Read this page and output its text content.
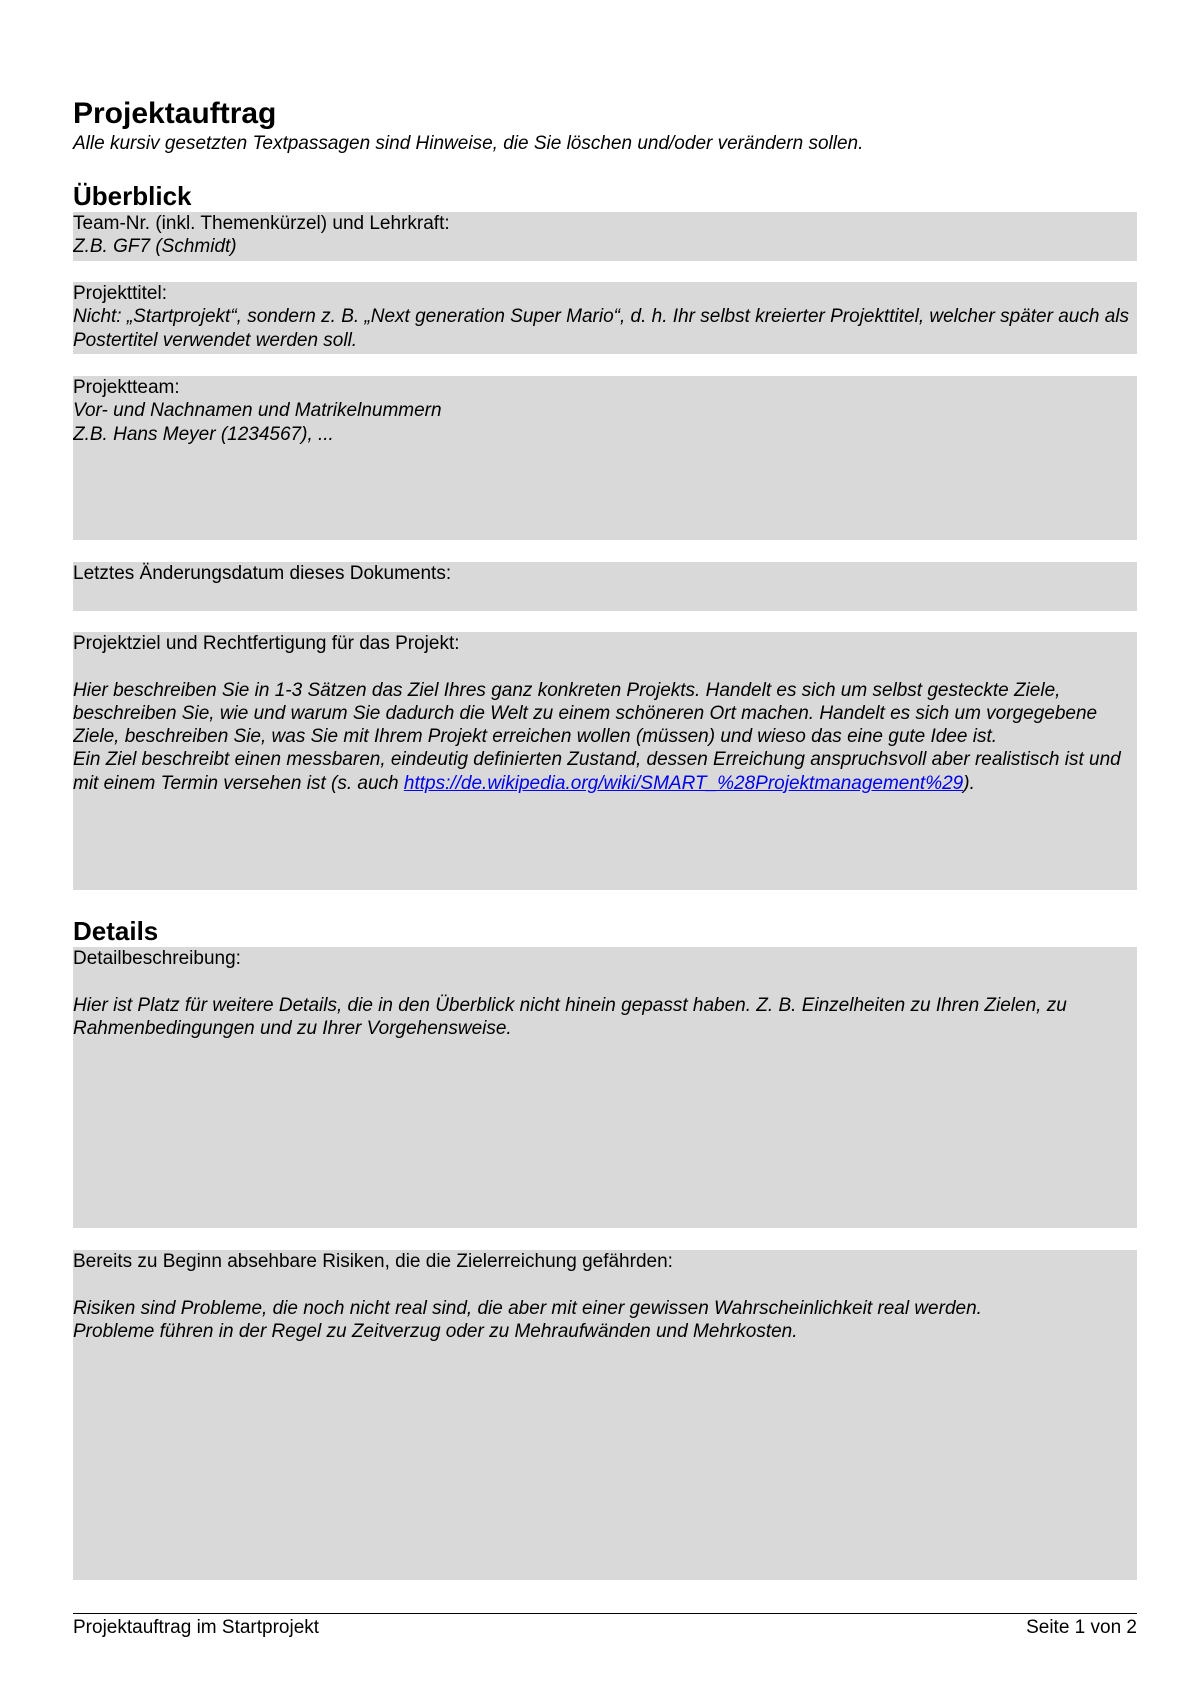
Projektauftrag
Alle kursiv gesetzten Textpassagen sind Hinweise, die Sie löschen und/oder verändern sollen.
Überblick
Team-Nr. (inkl. Themenkürzel) und Lehrkraft:
Z.B. GF7 (Schmidt)
Projekttitel:
Nicht: „Startprojekt“, sondern z. B. „Next generation Super Mario“, d. h. Ihr selbst kreierter Projekttitel, welcher später auch als Postertitel verwendet werden soll.
Projektteam:
Vor- und Nachnamen und Matrikelnummern
Z.B. Hans Meyer (1234567), ...
Letztes Änderungsdatum dieses Dokuments:
Projektziel und Rechtfertigung für das Projekt:
Hier beschreiben Sie in 1-3 Sätzen das Ziel Ihres ganz konkreten Projekts. Handelt es sich um selbst gesteckte Ziele, beschreiben Sie, wie und warum Sie dadurch die Welt zu einem schöneren Ort machen. Handelt es sich um vorgegebene Ziele, beschreiben Sie, was Sie mit Ihrem Projekt erreichen wollen (müssen) und wieso das eine gute Idee ist.
Ein Ziel beschreibt einen messbaren, eindeutig definierten Zustand, dessen Erreichung anspruchsvoll aber realistisch ist und mit einem Termin versehen ist (s. auch https://de.wikipedia.org/wiki/SMART_%28Projektmanagement%29).
Details
Detailbeschreibung:
Hier ist Platz für weitere Details, die in den Überblick nicht hinein gepasst haben. Z. B. Einzelheiten zu Ihren Zielen, zu Rahmenbedingungen und zu Ihrer Vorgehensweise.
Bereits zu Beginn absehbare Risiken, die die Zielerreichung gefährden:
Risiken sind Probleme, die noch nicht real sind, die aber mit einer gewissen Wahrscheinlichkeit real werden.
Probleme führen in der Regel zu Zeitverzug oder zu Mehraufwänden und Mehrkosten.
Projektauftrag im Startprojekt	Seite 1 von 2
